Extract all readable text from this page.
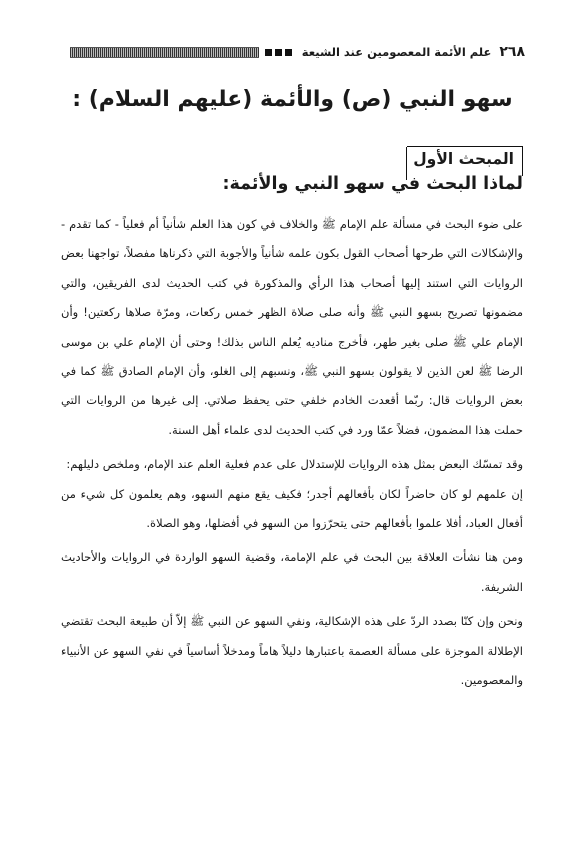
٢٦٨
علم الأئمة المعصومين عند الشيعة
سهو النبي (ص) والأئمة (عليهم السلام) :
المبحث الأول
لماذا البحث في سهو النبي والأئمة:

على ضوء البحث في مسألة علم الإمام ﷺ والخلاف في كون هذا العلم شأنياً أم فعلياً - كما تقدم - والإشكالات التي طرحها أصحاب القول بكون علمه شأنياً والأجوبة التي ذكرناها مفصلاً، تواجهنا بعض الروايات التي استند إليها أصحاب هذا الرأي والمذكورة في كتب الحديث لدى الفريقين، والتي مضمونها تصريح بسهو النبي ﷺ وأنه صلى صلاة الظهر خمس ركعات، ومرّة صلاها ركعتين! وأن الإمام علي ﷺ صلى بغير طهر، فأخرج مناديه يُعلم الناس بذلك! وحتى أن الإمام علي بن موسى الرضا ﷺ لعن الذين لا يقولون بسهو النبي ﷺ، ونسبهم إلى الغلو، وأن الإمام الصادق ﷺ كما في بعض الروايات قال: ربّما أقعدت الخادم خلفي حتى يحفظ صلاتي. إلى غيرها من الروايات التي حملت هذا المضمون، فضلاً عمّا ورد في كتب الحديث لدى علماء أهل السنة.

وقد تمسّك البعض بمثل هذه الروايات للإستدلال على عدم فعلية العلم عند الإمام، وملخص دليلهم:

إن علمهم لو كان حاضراً لكان بأفعالهم أجدر؛ فكيف يقع منهم السهو، وهم يعلمون كل شيء من أفعال العباد، أفلا علموا بأفعالهم حتى يتحرّزوا من السهو في أفضلها، وهو الصلاة.

ومن هنا نشأت العلاقة بين البحث في علم الإمامة، وقضية السهو الواردة في الروايات والأحاديث الشريفة.

ونحن وإن كنّا بصدد الردّ على هذه الإشكالية، ونفي السهو عن النبي ﷺ إلاّ أن طبيعة البحث تقتضي الإطلالة الموجزة على مسألة العصمة باعتبارها دليلاً هاماً ومدخلاً أساسياً في نفي السهو عن الأنبياء والمعصومين.
